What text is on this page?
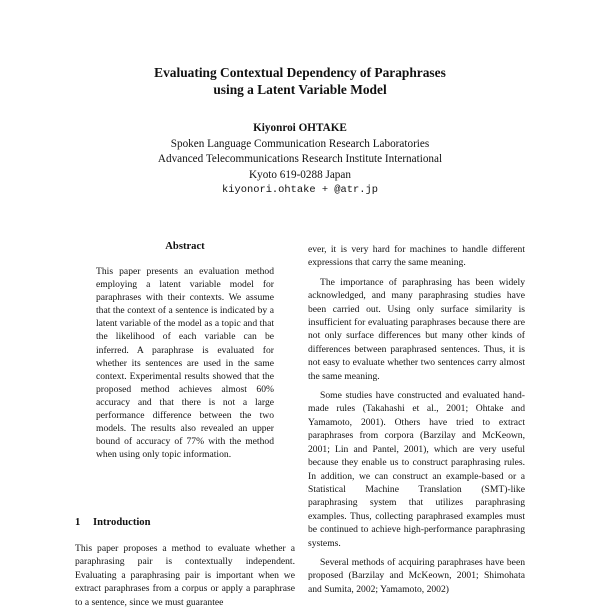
Evaluating Contextual Dependency of Paraphrases
using a Latent Variable Model
Kiyonroi OHTAKE
Spoken Language Communication Research Laboratories
Advanced Telecommunications Research Institute International
Kyoto 619-0288 Japan
kiyonori.ohtake + @atr.jp
Abstract

This paper presents an evaluation method employing a latent variable model for paraphrases with their contexts. We assume that the context of a sentence is indicated by a latent variable of the model as a topic and that the likelihood of each variable can be inferred. A paraphrase is evaluated for whether its sentences are used in the same context. Experimental results showed that the proposed method achieves almost 60% accuracy and that there is not a large performance difference between the two models. The results also revealed an upper bound of accuracy of 77% with the method when using only topic information.

1 Introduction

This paper proposes a method to evaluate whether a paraphrasing pair is contextually independent. Evaluating a paraphrasing pair is important when we extract paraphrases from a corpus or apply a paraphrase to a sentence, since we must guarantee

ever, it is very hard for machines to handle different expressions that carry the same meaning.

The importance of paraphrasing has been widely acknowledged, and many paraphrasing studies have been carried out. Using only surface similarity is insufficient for evaluating paraphrases because there are not only surface differences but many other kinds of differences between paraphrased sentences. Thus, it is not easy to evaluate whether two sentences carry almost the same meaning.

Some studies have constructed and evaluated hand-made rules (Takahashi et al., 2001; Ohtake and Yamamoto, 2001). Others have tried to extract paraphrases from corpora (Barzilay and McKeown, 2001; Lin and Pantel, 2001), which are very useful because they enable us to construct paraphrasing rules. In addition, we can construct an example-based or a Statistical Machine Translation (SMT)-like paraphrasing system that utilizes paraphrasing examples. Thus, collecting paraphrased examples must be continued to achieve high-performance paraphrasing systems.

Several methods of acquiring paraphrases have been proposed (Barzilay and McKeown, 2001; Shimohata and Sumita, 2002; Yamamoto, 2002)
